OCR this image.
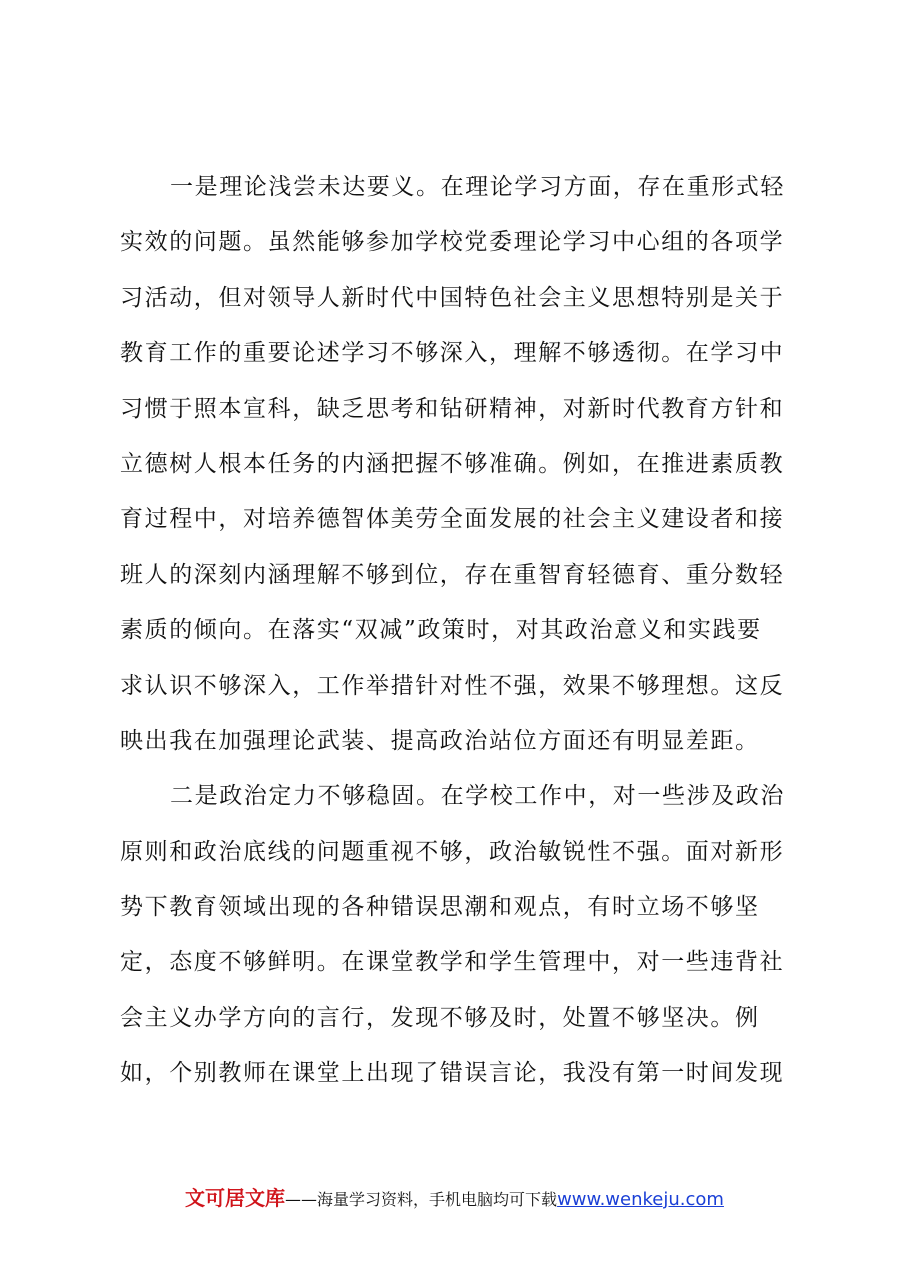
一是理论浅尝未达要义。在理论学习方面，存在重形式轻
实效的问题。虽然能够参加学校党委理论学习中心组的各项学
习活动，但对领导人新时代中国特色社会主义思想特别是关于
教育工作的重要论述学习不够深入，理解不够透彻。在学习中
习惯于照本宣科，缺乏思考和钻研精神，对新时代教育方针和
立德树人根本任务的内涵把握不够准确。例如，在推进素质教
育过程中，对培养德智体美劳全面发展的社会主义建设者和接
班人的深刻内涵理解不够到位，存在重智育轻德育、重分数轻
素质的倾向。在落实“双减”政策时，对其政治意义和实践要
求认识不够深入，工作举措针对性不强，效果不够理想。这反
映出我在加强理论武装、提高政治站位方面还有明显差距。
二是政治定力不够稳固。在学校工作中，对一些涉及政治
原则和政治底线的问题重视不够，政治敏锐性不强。面对新形
势下教育领域出现的各种错误思潮和观点，有时立场不够坚
定，态度不够鲜明。在课堂教学和学生管理中，对一些违背社
会主义办学方向的言行，发现不够及时，处置不够坚决。例
如，个别教师在课堂上出现了错误言论，我没有第一时间发现
文可居文库——海量学习资料，手机电脑均可下载www.wenkeju.com
